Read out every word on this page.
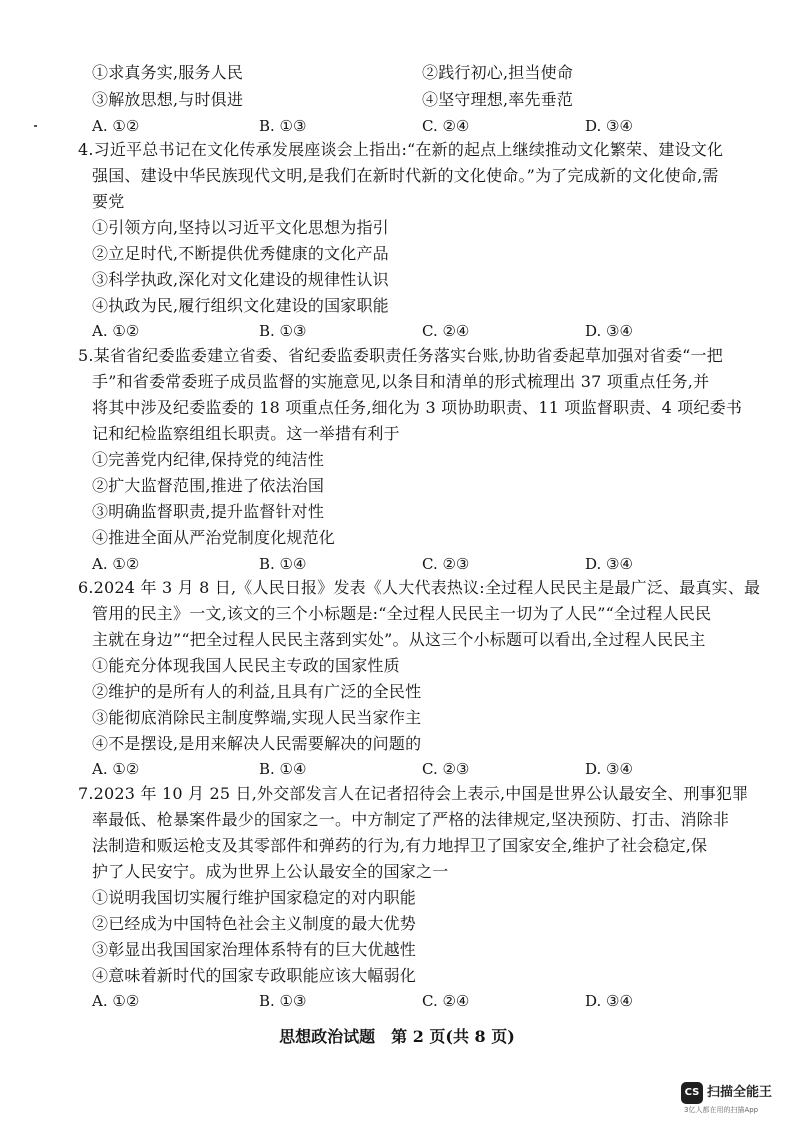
①求真务实,服务人民	②践行初心,担当使命
③解放思想,与时俱进	④坚守理想,率先垂范
A. ①②	B. ①③	C. ②④	D. ③④
4.习近平总书记在文化传承发展座谈会上指出:“在新的起点上继续推动文化繁荣、建设文化
强国、建设中华民族现代文明,是我们在新时代新的文化使命。”为了完成新的文化使命,需
要党
①引领方向,坚持以习近平文化思想为指引
②立足时代,不断提供优秀健康的文化产品
③科学执政,深化对文化建设的规律性认识
④执政为民,履行组织文化建设的国家职能
A. ①②	B. ①③	C. ②④	D. ③④
5.某省省纪委监委建立省委、省纪委监委职责任务落实台账,协助省委起草加强对省委“一把
手”和省委常委班子成员监督的实施意见,以条目和清单的形式梳理出 37 项重点任务,并
将其中涉及纪委监委的 18 项重点任务,细化为 3 项协助职责、11 项监督职责、4 项纪委书
记和纪检监察组组长职责。这一举措有利于
①完善党内纪律,保持党的纯洁性
②扩大监督范围,推进了依法治国
③明确监督职责,提升监督针对性
④推进全面从严治党制度化规范化
A. ①②	B. ①④	C. ②③	D. ③④
6.2024 年 3 月 8 日,《人民日报》发表《人大代表热议:全过程人民民主是最广泛、最真实、最
管用的民主》一文,该文的三个小标题是:“全过程人民民主一切为了人民”“全过程人民民
主就在身边”“把全过程人民民主落到实处”。从这三个小标题可以看出,全过程人民民主
①能充分体现我国人民民主专政的国家性质
②维护的是所有人的利益,且具有广泛的全民性
③能彻底消除民主制度弊端,实现人民当家作主
④不是摆设,是用来解决人民需要解决的问题的
A. ①②	B. ①④	C. ②③	D. ③④
7.2023 年 10 月 25 日,外交部发言人在记者招待会上表示,中国是世界公认最安全、刑事犯罪
率最低、枪暴案件最少的国家之一。中方制定了严格的法律规定,坚决预防、打击、消除非
法制造和贩运枪支及其零部件和弹药的行为,有力地捍卫了国家安全,维护了社会稳定,保
护了人民安宁。成为世界上公认最安全的国家之一
①说明我国切实履行维护国家稳定的对内职能
②已经成为中国特色社会主义制度的最大优势
③彰显出我国国家治理体系特有的巨大优越性
④意味着新时代的国家专政职能应该大幅弱化
A. ①②	B. ①③	C. ②④	D. ③④
思想政治试题　第 2 页(共 8 页)
CS 扫描全能王
3亿人都在用的扫描App
